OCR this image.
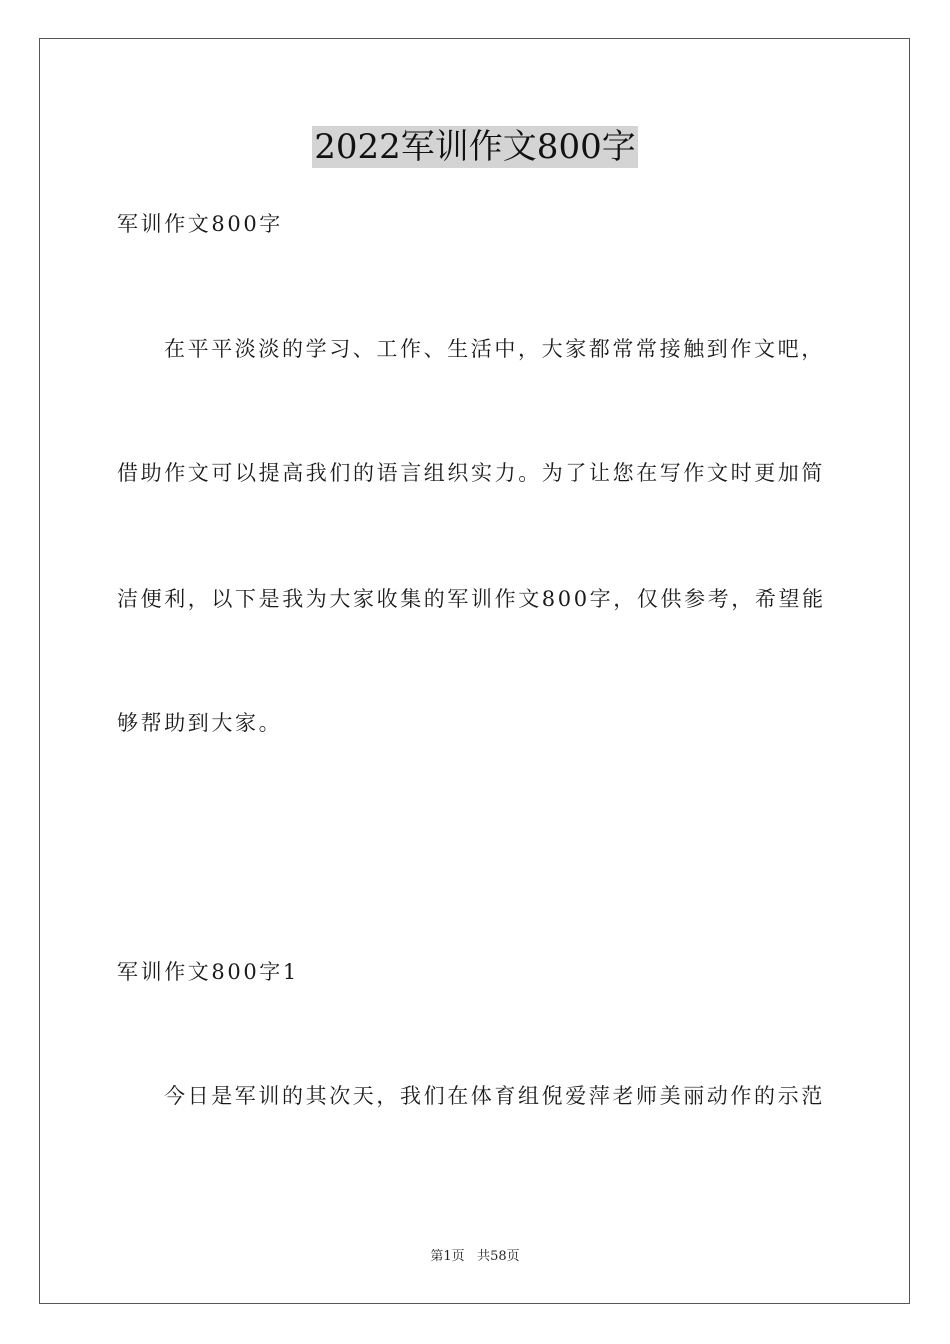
2022军训作文800字
军训作文800字
在平平淡淡的学习、工作、生活中，大家都常常接触到作文吧，
借助作文可以提高我们的语言组织实力。为了让您在写作文时更加简
洁便利，以下是我为大家收集的军训作文800字，仅供参考，希望能
够帮助到大家。
军训作文800字1
今日是军训的其次天，我们在体育组倪爱萍老师美丽动作的示范
第1页 共58页
